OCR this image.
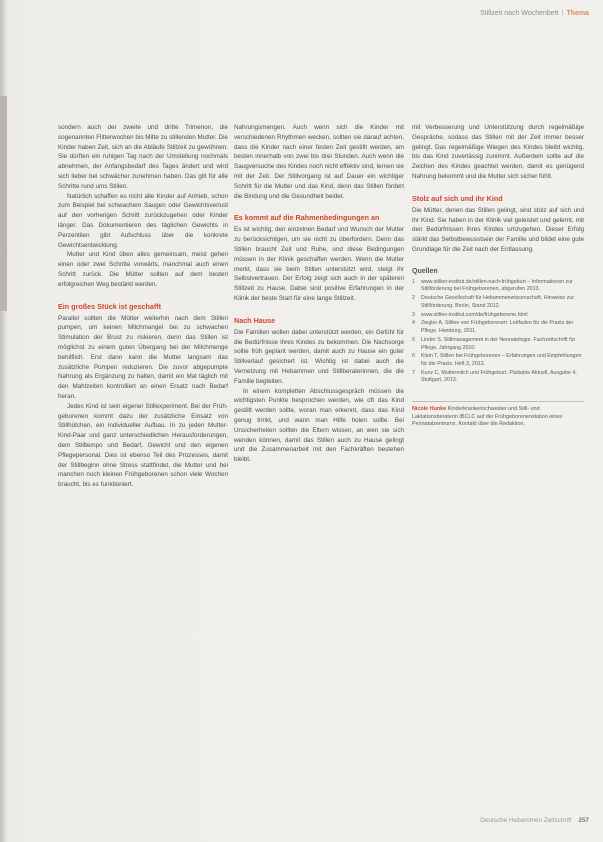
Stillzeit nach Wochenbett | Thema

sondern auch der zweite und dritte Trimenon, die sogenannten Flitterwochen bis Mitte zu stillenden Mutter. Die Kinder haben Zeit, sich an die Abläufe Stillzeit zu gewöhnen. Sie dürften ein ruhigen Tag nach der Umstellung nochmals abnehmen, der Anfangsbedarf des Tages ändert und wird sich lieber bei schwächer zunehmen haben. Das gilt für alle Schritte rund ums Stillen.

Natürlich schaffen es nicht alle Kinder auf Anhieb, schon zum Beispiel bei schwachem Saugen oder Gewichtsverlust auf den vorherigen Schritt zurückzugehen oder Kinder länger. Das Dokumentieren des täglichen Gewichts in Perzentilen gibt Aufschluss über die konkrete Gewichtsentwicklung.

Mutter und Kind üben alles gemeinsam, meist gehen einen oder zwei Schritte vorwärts, manchmal auch einen Schritt zurück. Die Mütter sollten auf dem besten erfolgreichen Weg bestärkt werden.

Ein großes Stück ist geschafft

Parallel sollten die Mütter weiterhin nach dem Stillen pumpen, um keinen Milchmangel bei zu schwachen Stimulation der Brust zu riskieren, denn das Stillen ist möglichst zu einem guten Übergang bei der Milchmenge behilflich. Erst dann kann die Mutter langsam das zusätzliche Pumpen reduzieren. Die zuvor abgepumpte Nahrung als Ergänzung zu halten, damit ein Mal täglich mit den Mahlzeiten kontrolliert an einen Ersatz nach Bedarf heran.

Jedes Kind ist sein eigener Stillexperiment. Bei der Frühgeborenen kommt dazu der zusätzliche Einsatz von Stillhütchen, ein individueller Aufbau. In zu jeden Mutter-Kind-Paar und ganz unterschiedlichen Herausforderungen, dem Stilltempo und Bedarf, Gewicht und den eigenen Pflegepersonal. Dies ist ebenso Teil des Prozesses, damit der Stillbeginn ohne Stress stattfindet, die Mutter und bei manchen noch kleinen Frühgeborenen schon viele Wochen braucht, bis es funktioniert.

Nahrungsmengen. Auch wenn sich die Kinder mit verschiedenen Rhythmen wecken, sollten sie darauf achten, dass die Kinder nach einer festen Zeit gestillt werden, am besten innerhalb von zwei bis drei Stunden. Auch wenn die Saugversuche des Kindes noch nicht effektiv sind, lernen sie mit der Zeit. Der Stillvorgang ist auf Dauer ein wichtiger Schritt für die Mutter und das Kind, denn das Stillen fördert die Bindung und die Gesundheit beider.

Es kommt auf die Rahmenbedingungen an

Es ist wichtig, den einzelnen Bedarf und Wunsch der Mutter zu berücksichtigen, um sie nicht zu überfordern. Denn das Stillen braucht Zeit und Ruhe, und diese Bedingungen müssen in der Klinik geschaffen werden. Wenn die Mutter merkt, dass sie beim Stillen unterstützt wird, steigt ihr Selbstvertrauen. Der Erfolg zeigt sich auch in der späteren Stillzeit zu Hause. Dabei sind positive Erfahrungen in der Klinik der beste Start für eine lange Stillzeit.

Nach Hause

Die Familien wollen dabei unterstützt werden, ein Gefühl für die Bedürfnisse ihres Kindes zu bekommen. Die Nachsorge sollte früh geplant werden, damit auch zu Hause ein guter Stillverlauf gesichert ist. Wichtig ist dabei auch die Vernetzung mit Hebammen und Stillberaterinnen, die die Familie begleiten.

In einem kompletten Abschlussgespräch müssen die wichtigsten Punkte besprochen werden, wie oft das Kind gestillt werden sollte, woran man erkennt, dass das Kind genug trinkt, und wann man Hilfe holen sollte. Bei Unsicherheiten sollten die Eltern wissen, an wen sie sich wenden können, damit das Stillen auch zu Hause gelingt und die Zusammenarbeit mit den Fachkräften bestehen bleibt.

mit Verbesserung und Unterstützung durch regelmäßige Gespräche, sodass das Stillen mit der Zeit immer besser gelingt. Das regelmäßige Wiegen des Kindes bleibt wichtig, bis das Kind zuverlässig zunimmt. Außerdem sollte auf die Zeichen des Kindes geachtet werden, damit es genügend Nahrung bekommt und die Mutter sich sicher fühlt.

Stolz auf sich und ihr Kind

Die Mütter, denen das Stillen gelingt, sind stolz auf sich und ihr Kind. Sie haben in der Klinik viel geleistet und gelernt, mit den Bedürfnissen ihres Kindes umzugehen. Dieser Erfolg stärkt das Selbstbewusstsein der Familie und bildet eine gute Grundlage für die Zeit nach der Entlassung.

Quellen
1 www.stillen-institut.de/stillen-nach-frühgeburt – Informationen zur Stillförderung bei Frühgeborenen, abgerufen 2013.
2 Deutsche Gesellschaft für Hebammenwissenschaft, Hinweise zur Stillförderung. Berlin, Stand 2012.
3 www.stillen-institut.com/de/frühgeborene.html
4 Ziegler A, Stillen von Frühgeborenen: Leitfaden für die Praxis der Pflege. Hamburg, 2011.
5 Linder S, Stillmanagement in der Neonatologie. Fachzeitschrift für Pflege, Jahrgang 2010.
6 Klein T, Stillen bei Frühgeborenen – Erfahrungen und Empfehlungen für die Praxis. Heft 3, 2012.
7 Kunz C, Muttermilch und Frühgeburt. Pädiatrie Aktuell, Ausgabe 4, Stuttgart, 2013.
Nicole Hunke Kinderkrankenschwester und Still- und Laktationsberaterin IBCLC auf der Frühgeborenenstation eines Perinatalzentrums. Kontakt über die Redaktion.
Deutsche Hebammen Zeitschrift 257
